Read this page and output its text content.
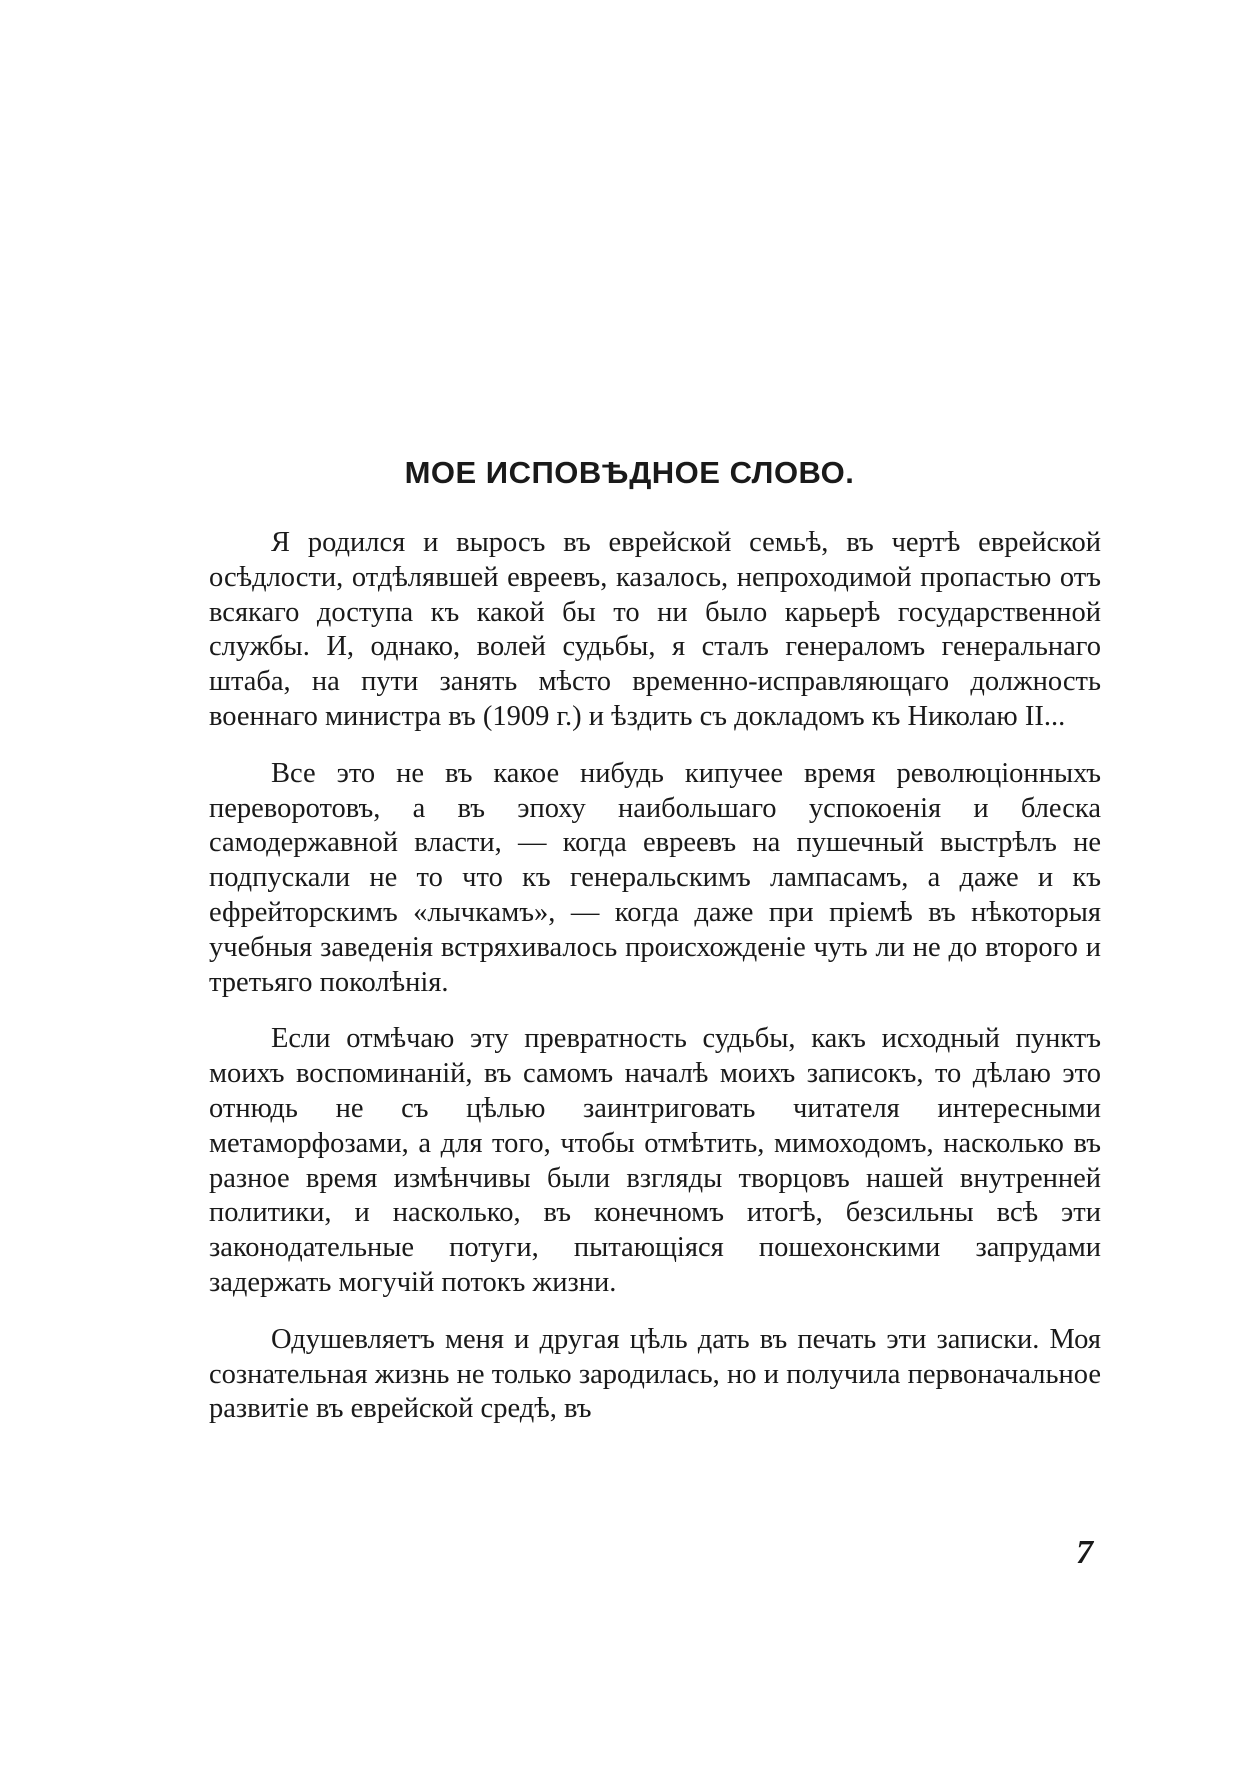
МОЕ ИСПОВѢДНОЕ СЛОВО.

Я родился и выросъ въ еврейской семьѣ, въ чертѣ еврейской осѣдлости, отдѣлявшей евреевъ, казалось, непроходимой пропастью отъ всякаго доступа къ какой бы то ни было карьерѣ государственной службы. И, однако, волей судьбы, я сталъ генераломъ генеральнаго штаба, на пути занять мѣсто временно-исправляющаго должность военнаго министра въ (1909 г.) и ѣздить съ докладомъ къ Николаю II...

Все это не въ какое нибудь кипучее время революціонныхъ переворотовъ, а въ эпоху наибольшаго успокоенія и блеска самодержавной власти, — когда евреевъ на пушечный выстрѣлъ не подпускали не то что къ генеральскимъ лампасамъ, а даже и къ ефрейторскимъ «лычкамъ», — когда даже при пріемѣ въ нѣкоторыя учебныя заведенія встряхивалось происхожденіе чуть ли не до второго и третьяго поколѣнія.

Если отмѣчаю эту превратность судьбы, какъ исходный пунктъ моихъ воспоминаній, въ самомъ началѣ моихъ записокъ, то дѣлаю это отнюдь не съ цѣлью заинтриговать читателя интересными метаморфозами, а для того, чтобы отмѣтить, мимоходомъ, насколько въ разное время измѣнчивы были взгляды творцовъ нашей внутренней политики, и насколько, въ конечномъ итогѣ, безсильны всѣ эти законодательные потуги, пытающіяся пошехонскими запрудами задержать могучій потокъ жизни.

Одушевляетъ меня и другая цѣль дать въ печать эти записки. Моя сознательная жизнь не только зародилась, но и получила первоначальное развитіе въ еврейской средѣ, въ

7
